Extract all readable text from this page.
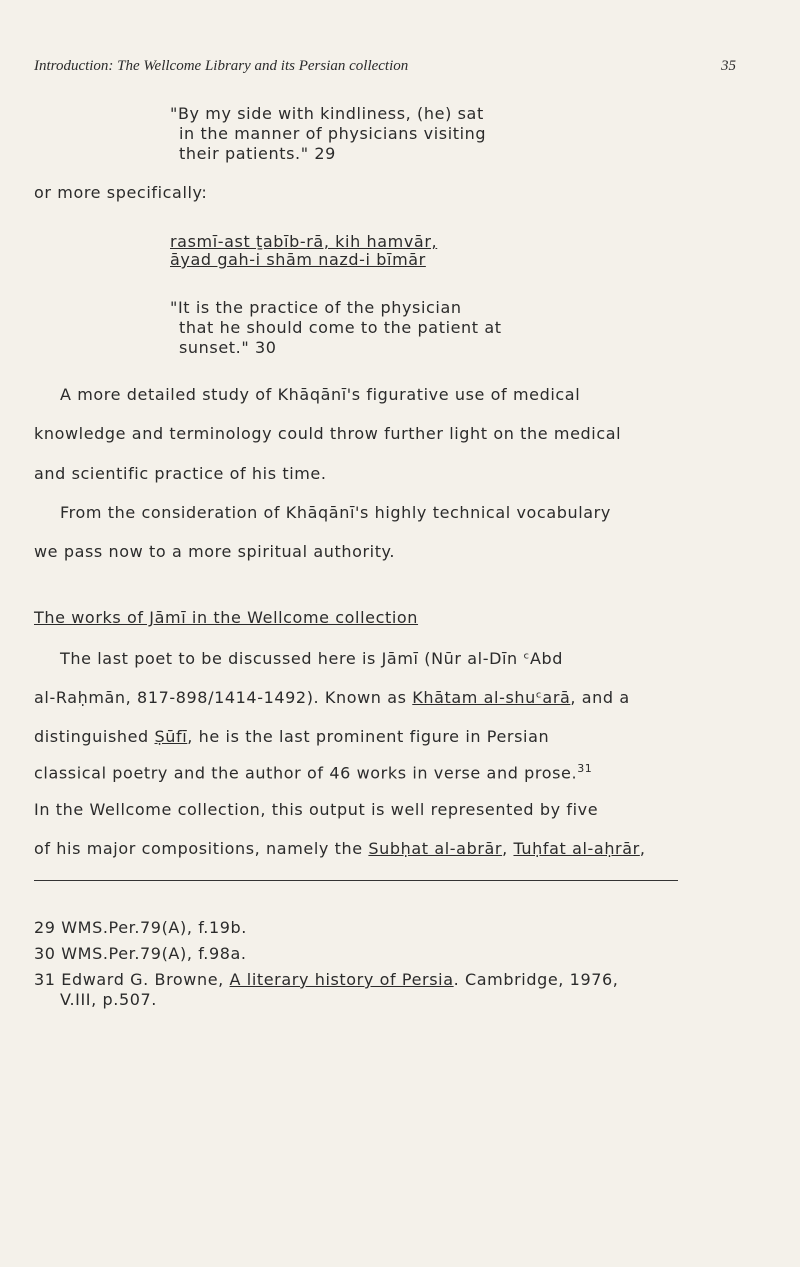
Introduction: The Wellcome Library and its Persian collection	35
"By my side with kindliness, (he) sat
in the manner of physicians visiting
their patients." 29
or more specifically:
rasmī-ast ṯabīb-rā, kih hamvār,
āyad gah-i shām nazd-i bīmār
"It is the practice of the physician
that he should come to the patient at
sunset." 30
A more detailed study of Khāqānī's figurative use of medical
knowledge and terminology could throw further light on the medical
and scientific practice of his time.
From the consideration of Khāqānī's highly technical vocabulary
we pass now to a more spiritual authority.
The works of Jāmī in the Wellcome collection
The last poet to be discussed here is Jāmī (Nūr al-Dīn ᶜAbd
al-Raḥmān, 817-898/1414-1492). Known as Khātam al-shuᶜarā, and a
distinguished Ṣūfī, he is the last prominent figure in Persian
classical poetry and the author of 46 works in verse and prose.$^{31}$
In the Wellcome collection, this output is well represented by five
of his major compositions, namely the Subḥat al-abrār, Tuḥfat al-aḥrār,
29 WMS.Per.79(A), f.19b.
30 WMS.Per.79(A), f.98a.
31 Edward G. Browne, A literary history of Persia. Cambridge, 1976,
V.III, p.507.
